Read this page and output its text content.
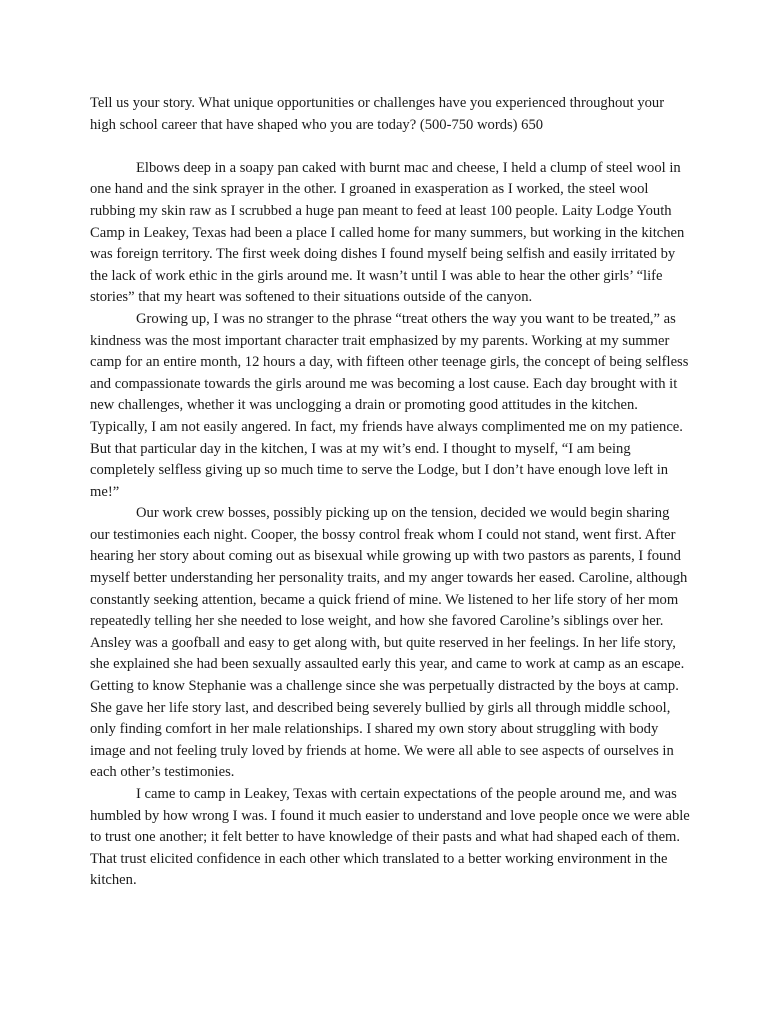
Tell us your story. What unique opportunities or challenges have you experienced throughout your high school career that have shaped who you are today? (500-750 words) 650

Elbows deep in a soapy pan caked with burnt mac and cheese, I held a clump of steel wool in one hand and the sink sprayer in the other. I groaned in exasperation as I worked, the steel wool rubbing my skin raw as I scrubbed a huge pan meant to feed at least 100 people. Laity Lodge Youth Camp in Leakey, Texas had been a place I called home for many summers, but working in the kitchen was foreign territory. The first week doing dishes I found myself being selfish and easily irritated by the lack of work ethic in the girls around me. It wasn’t until I was able to hear the other girls’ “life stories” that my heart was softened to their situations outside of the canyon.

Growing up, I was no stranger to the phrase “treat others the way you want to be treated,” as kindness was the most important character trait emphasized by my parents. Working at my summer camp for an entire month, 12 hours a day, with fifteen other teenage girls, the concept of being selfless and compassionate towards the girls around me was becoming a lost cause. Each day brought with it new challenges, whether it was unclogging a drain or promoting good attitudes in the kitchen. Typically, I am not easily angered. In fact, my friends have always complimented me on my patience. But that particular day in the kitchen, I was at my wit’s end. I thought to myself, “I am being completely selfless giving up so much time to serve the Lodge, but I don’t have enough love left in me!”

Our work crew bosses, possibly picking up on the tension, decided we would begin sharing our testimonies each night. Cooper, the bossy control freak whom I could not stand, went first. After hearing her story about coming out as bisexual while growing up with two pastors as parents, I found myself better understanding her personality traits, and my anger towards her eased. Caroline, although constantly seeking attention, became a quick friend of mine. We listened to her life story of her mom repeatedly telling her she needed to lose weight, and how she favored Caroline’s siblings over her. Ansley was a goofball and easy to get along with, but quite reserved in her feelings. In her life story, she explained she had been sexually assaulted early this year, and came to work at camp as an escape. Getting to know Stephanie was a challenge since she was perpetually distracted by the boys at camp. She gave her life story last, and described being severely bullied by girls all through middle school, only finding comfort in her male relationships. I shared my own story about struggling with body image and not feeling truly loved by friends at home. We were all able to see aspects of ourselves in each other’s testimonies.

I came to camp in Leakey, Texas with certain expectations of the people around me, and was humbled by how wrong I was. I found it much easier to understand and love people once we were able to trust one another; it felt better to have knowledge of their pasts and what had shaped each of them. That trust elicited confidence in each other which translated to a better working environment in the kitchen.
